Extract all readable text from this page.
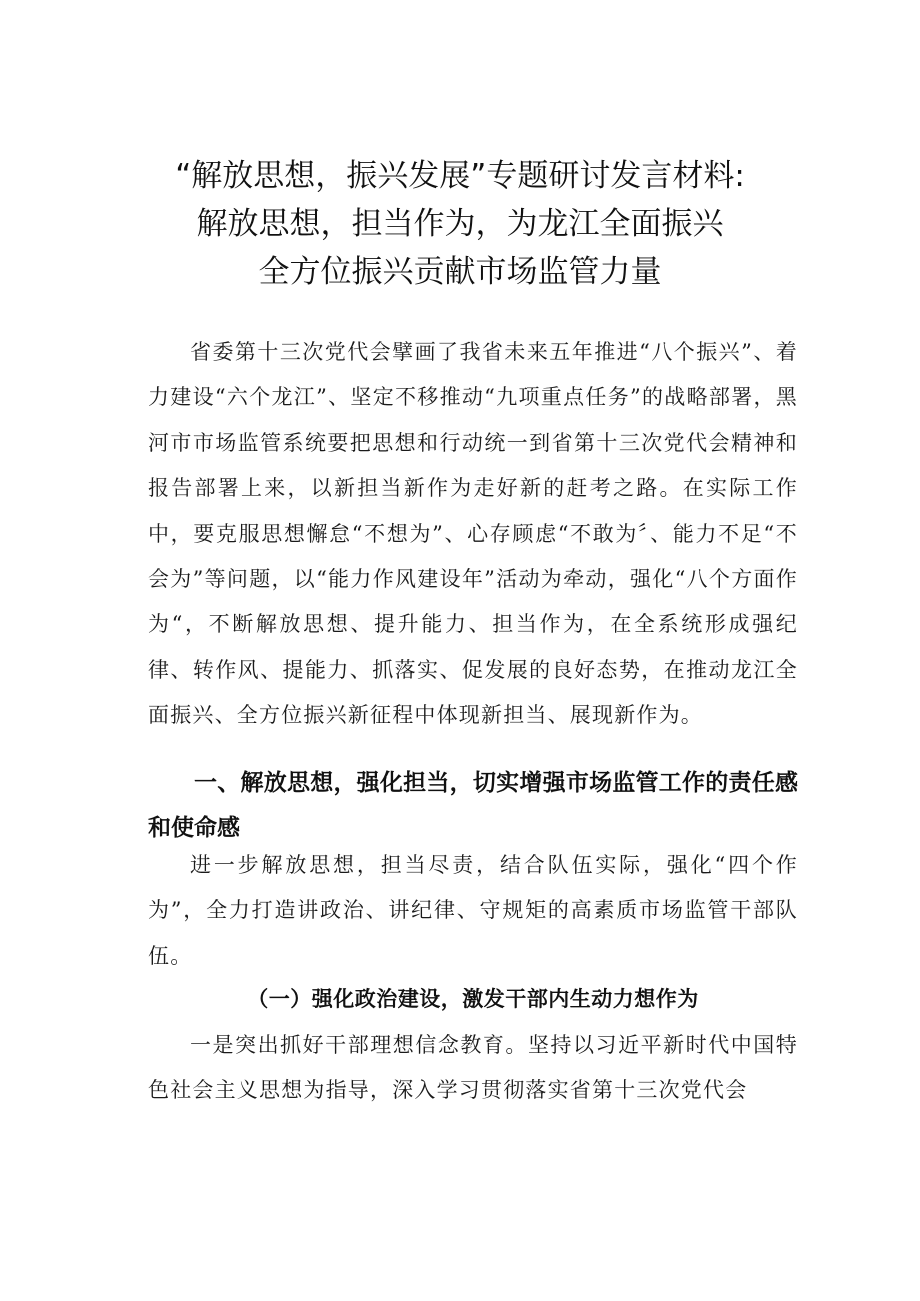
“解放思想，振兴发展”专题研讨发言材料:
解放思想，担当作为，为龙江全面振兴
全方位振兴贡献市场监管力量

省委第十三次党代会擘画了我省未来五年推进“八个振兴”、着力建设“六个龙江”、坚定不移推动“九项重点任务”的战略部署，黑河市市场监管系统要把思想和行动统一到省第十三次党代会精神和报告部署上来，以新担当新作为走好新的赶考之路。在实际工作中，要克服思想懈怠“不想为”、心存顾虑“不敢为〞、能力不足“不会为”等问题，以“能力作风建设年”活动为牵动，强化“八个方面作为“，不断解放思想、提升能力、担当作为，在全系统形成强纪律、转作风、提能力、抓落实、促发展的良好态势，在推动龙江全面振兴、全方位振兴新征程中体现新担当、展现新作为。

一、解放思想，强化担当，切实增强市场监管工作的责任感和使命感

进一步解放思想，担当尽责，结合队伍实际，强化“四个作为”，全力打造讲政治、讲纪律、守规矩的高素质市场监管干部队伍。

（一）强化政治建设，激发干部内生动力想作为

一是突出抓好干部理想信念教育。坚持以习近平新时代中国特色社会主义思想为指导，深入学习贯彻落实省第十三次党代会
